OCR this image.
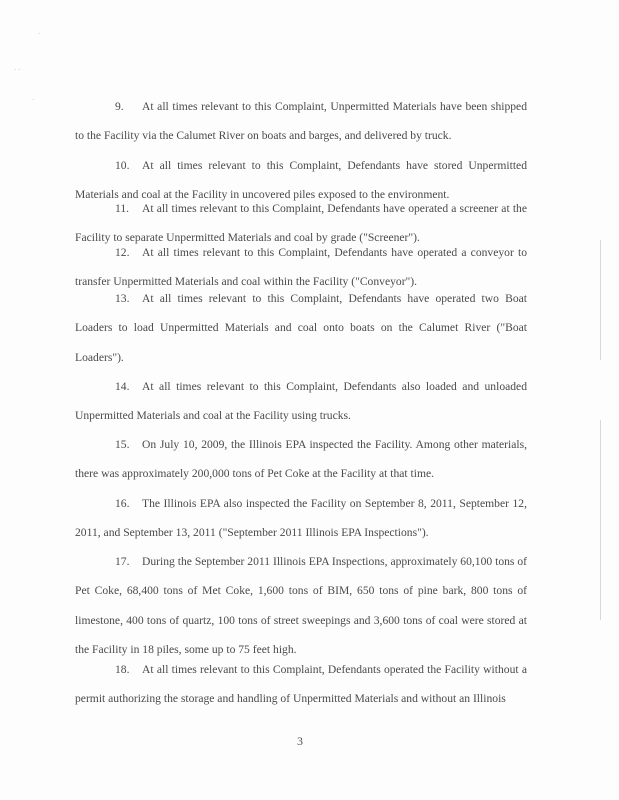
·
· ·
·	9. At all times relevant to this Complaint, Unpermitted Materials have been shipped to the Facility via the Calumet River on boats and barges, and delivered by truck.

10. At all times relevant to this Complaint, Defendants have stored Unpermitted Materials and coal at the Facility in uncovered piles exposed to the environment.

11. At all times relevant to this Complaint, Defendants have operated a screener at the Facility to separate Unpermitted Materials and coal by grade ("Screener").

12. At all times relevant to this Complaint, Defendants have operated a conveyor to transfer Unpermitted Materials and coal within the Facility ("Conveyor").

13. At all times relevant to this Complaint, Defendants have operated two Boat Loaders to load Unpermitted Materials and coal onto boats on the Calumet River ("Boat Loaders").

14. At all times relevant to this Complaint, Defendants also loaded and unloaded Unpermitted Materials and coal at the Facility using trucks.

15. On July 10, 2009, the Illinois EPA inspected the Facility. Among other materials, there was approximately 200,000 tons of Pet Coke at the Facility at that time.

16. The Illinois EPA also inspected the Facility on September 8, 2011, September 12, 2011, and September 13, 2011 ("September 2011 Illinois EPA Inspections").

17. During the September 2011 Illinois EPA Inspections, approximately 60,100 tons of Pet Coke, 68,400 tons of Met Coke, 1,600 tons of BIM, 650 tons of pine bark, 800 tons of limestone, 400 tons of quartz, 100 tons of street sweepings and 3,600 tons of coal were stored at the Facility in 18 piles, some up to 75 feet high.

18. At all times relevant to this Complaint, Defendants operated the Facility without a permit authorizing the storage and handling of Unpermitted Materials and without an Illinois

3
